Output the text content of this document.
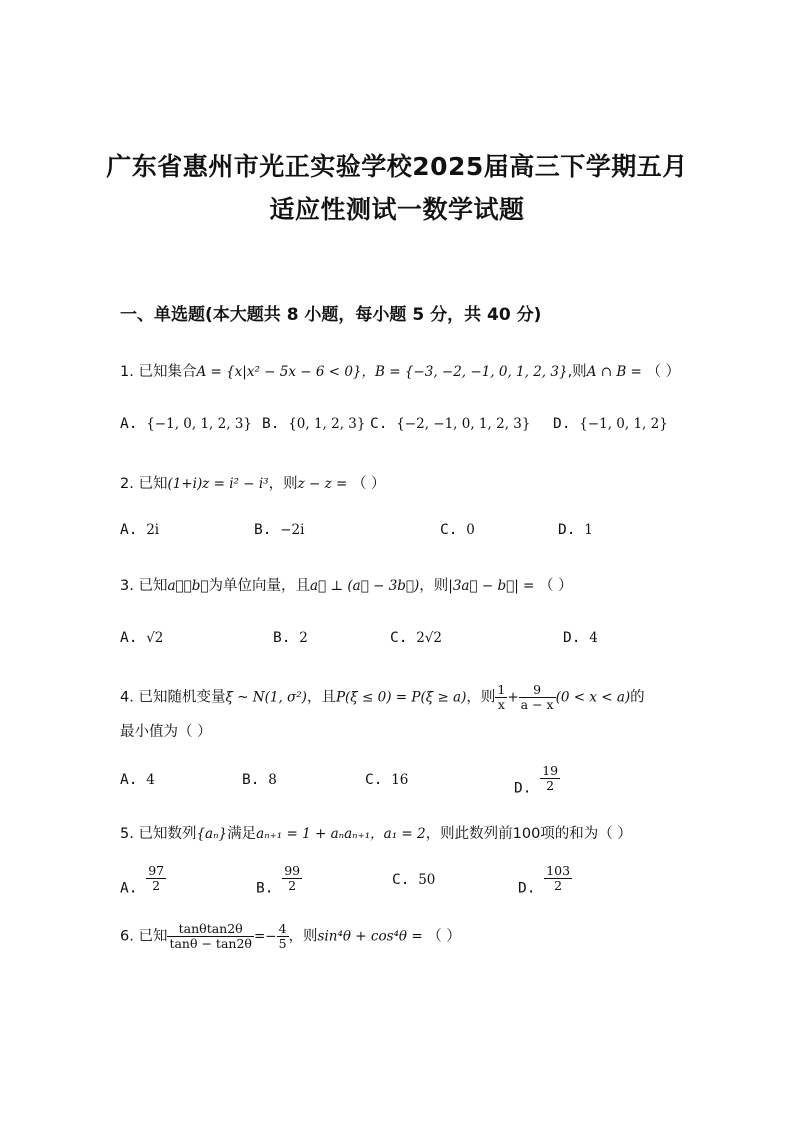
广东省惠州市光正实验学校2025届高三下学期五月
适应性测试一数学试题
一、单选题(本大题共 8 小题，每小题 5 分，共 40 分)
1. 已知集合A = {x|x² − 5x − 6 < 0}，B = {−3, −2, −1, 0, 1, 2, 3},则A ∩ B = （ ）
A. {−1, 0, 1, 2, 3} B. {0, 1, 2, 3} C. {−2, −1, 0, 1, 2, 3} D. {−1, 0, 1, 2}
2. 已知(1+i)z = i² − i³，则z − z = （ ）
A. 2i	B. −2i	C. 0	D. 1
3. 已知a⃗，b⃗为单位向量，且a⃗ ⊥ (a⃗ − 3b⃗)，则|3a⃗ − b⃗| = （ ）
A. √2	B. 2	C. 2√2	D. 4
4. 已知随机变量ξ ~ N(1, σ²)，且P(ξ ≤ 0) = P(ξ ≥ a)，则 $\frac{1}{x} + \frac{9}{a - x} (0 < x < a)$的
最小值为（ ）
A. 4	B. 8	C. 16
D. $\frac{19}{2}$
5. 已知数列{aₙ}满足aₙ₊₁ = 1 + aₙaₙ₊₁，a₁ = 2，则此数列前100项的和为（ ）
A. $\frac{97}{2}$	B. $\frac{99}{2}$	C. 50
D. $\frac{103}{2}$
6. 已知 $\frac{\tan\theta\tan 2\theta}{\tan\theta - \tan 2\theta} =- \frac{4}{5}$ ，则sin⁴θ + cos⁴θ = （ ）
